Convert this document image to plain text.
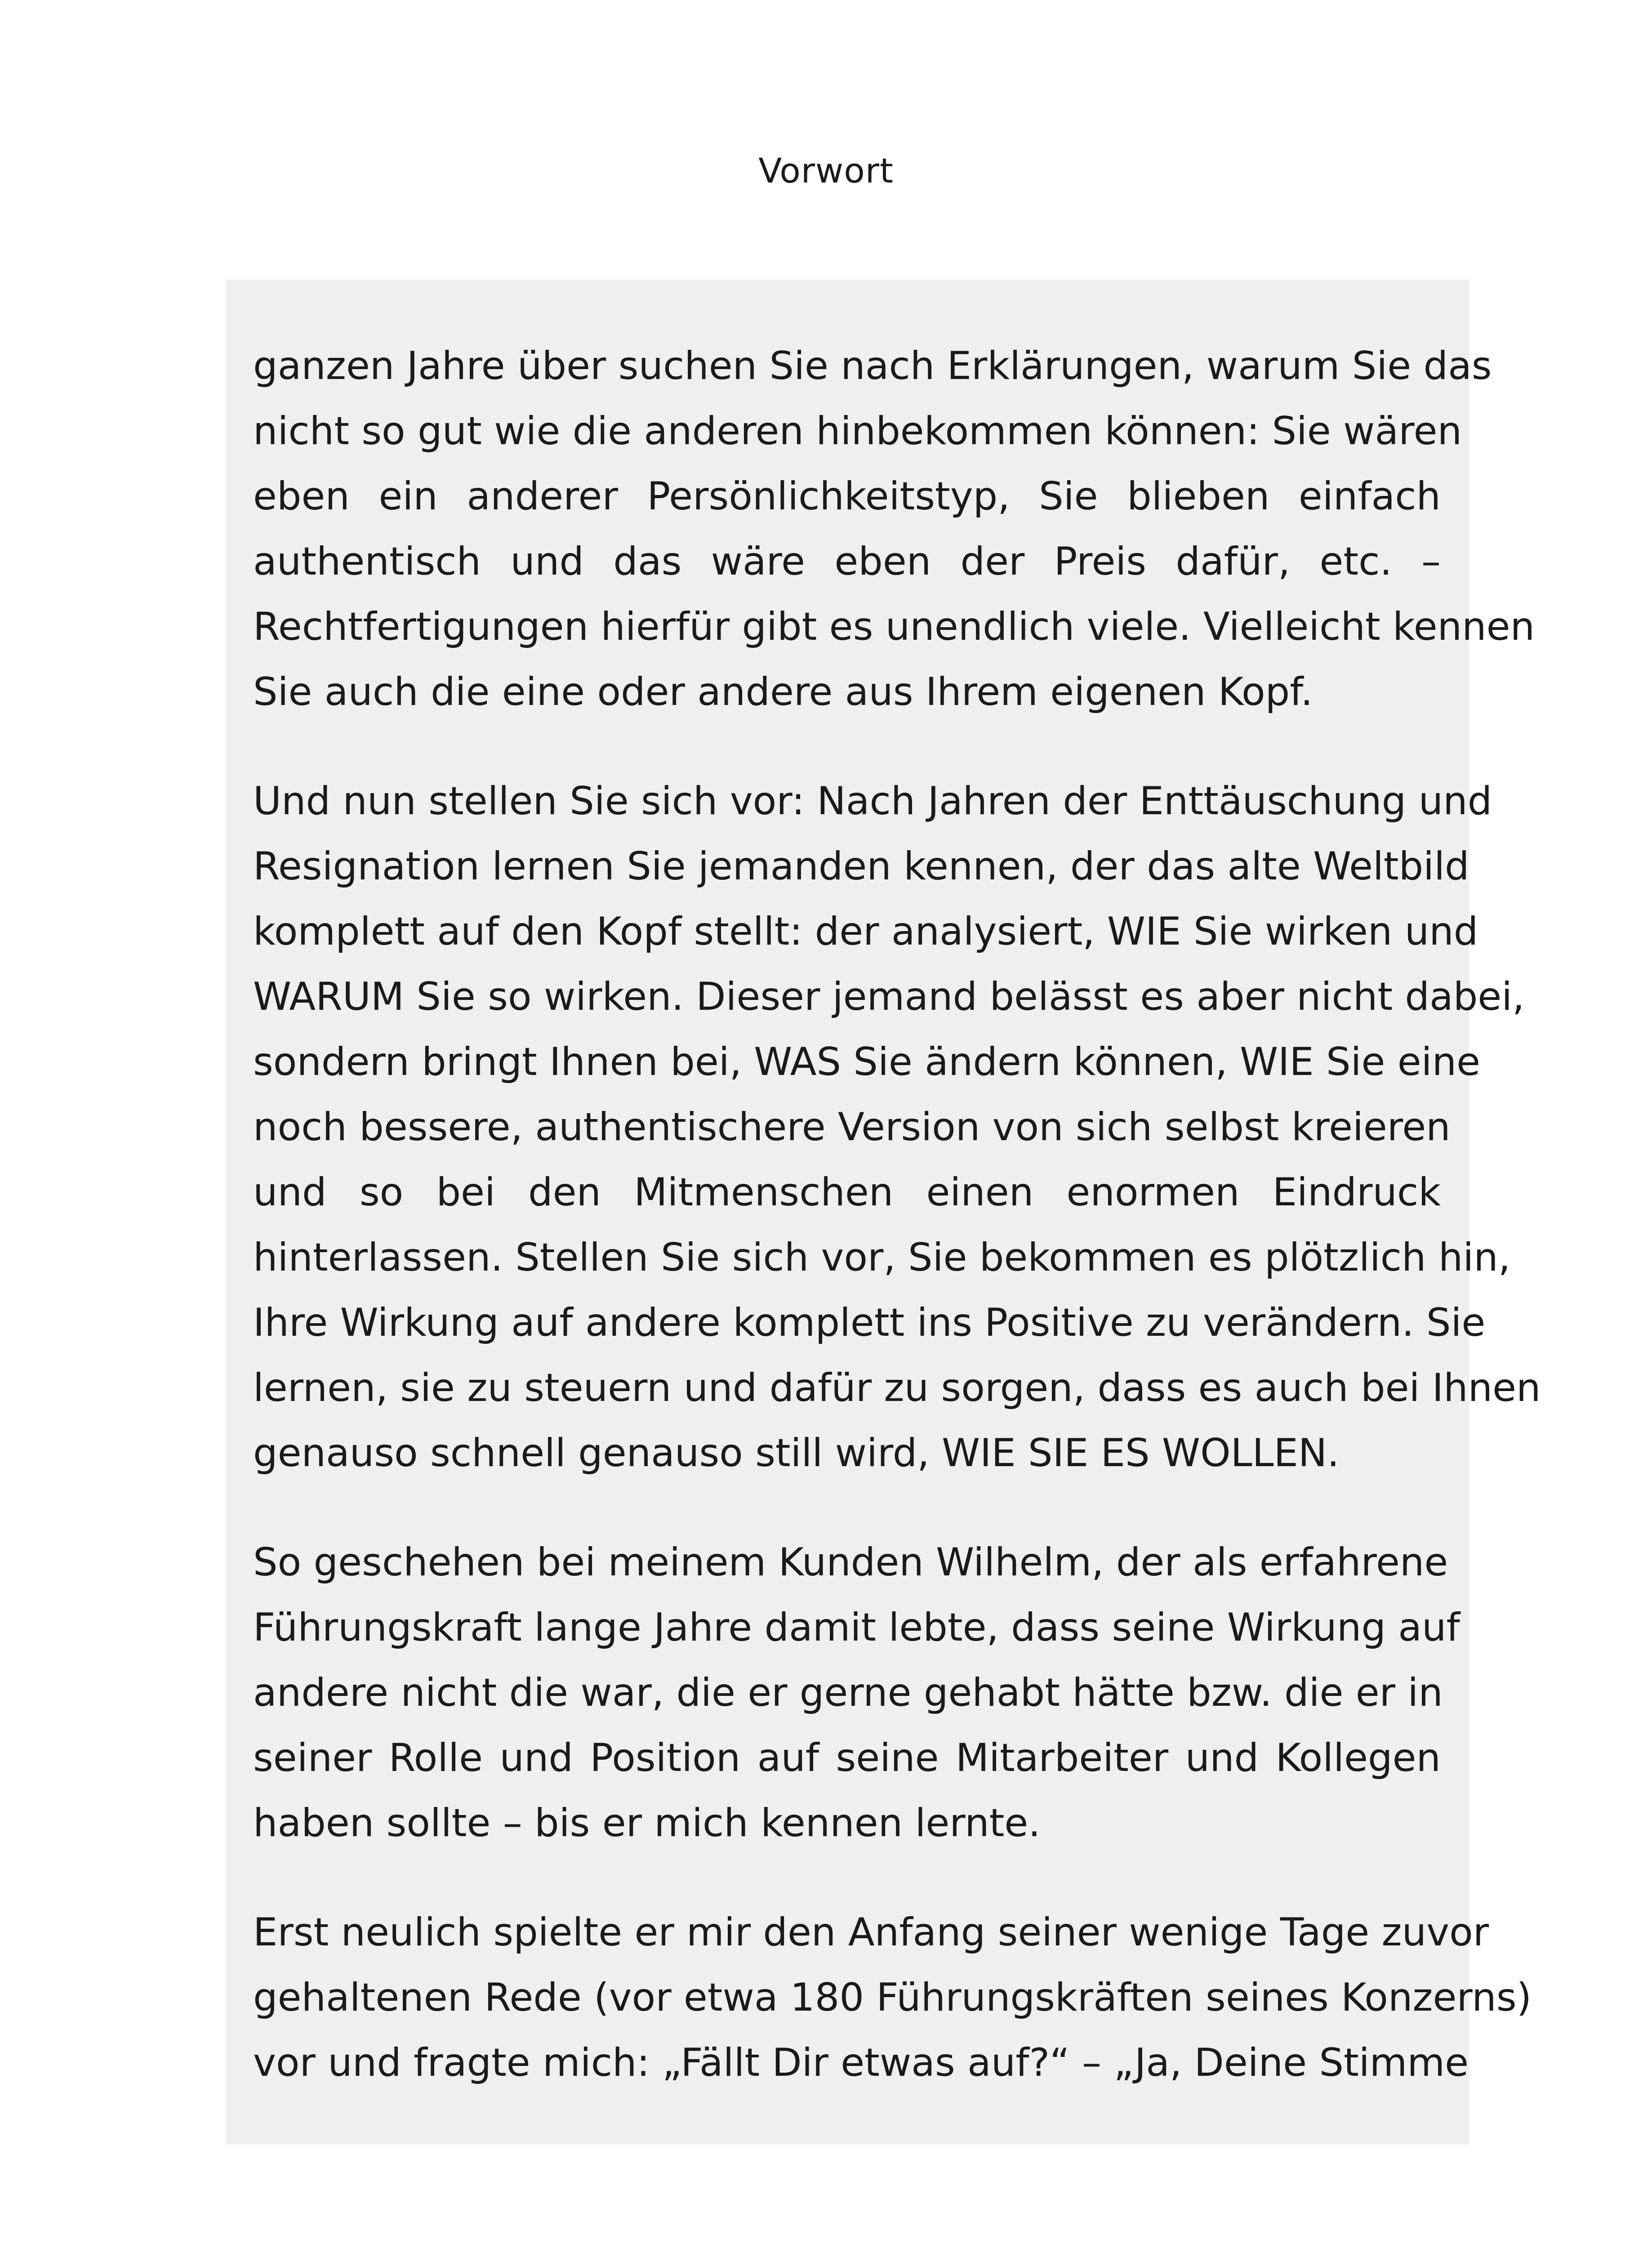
Vorwort

ganzen Jahre über suchen Sie nach Erklärungen, warum Sie das
nicht so gut wie die anderen hinbekommen können: Sie wären
eben ein anderer Persönlichkeitstyp, Sie blieben einfach
authentisch und das wäre eben der Preis dafür, etc. –
Rechtfertigungen hierfür gibt es unendlich viele. Vielleicht kennen
Sie auch die eine oder andere aus Ihrem eigenen Kopf.

Und nun stellen Sie sich vor: Nach Jahren der Enttäuschung und
Resignation lernen Sie jemanden kennen, der das alte Weltbild
komplett auf den Kopf stellt: der analysiert, WIE Sie wirken und
WARUM Sie so wirken. Dieser jemand belässt es aber nicht dabei,
sondern bringt Ihnen bei, WAS Sie ändern können, WIE Sie eine
noch bessere, authentischere Version von sich selbst kreieren
und so bei den Mitmenschen einen enormen Eindruck
hinterlassen. Stellen Sie sich vor, Sie bekommen es plötzlich hin,
Ihre Wirkung auf andere komplett ins Positive zu verändern. Sie
lernen, sie zu steuern und dafür zu sorgen, dass es auch bei Ihnen
genauso schnell genauso still wird, WIE SIE ES WOLLEN.

So geschehen bei meinem Kunden Wilhelm, der als erfahrene
Führungskraft lange Jahre damit lebte, dass seine Wirkung auf
andere nicht die war, die er gerne gehabt hätte bzw. die er in
seiner Rolle und Position auf seine Mitarbeiter und Kollegen
haben sollte – bis er mich kennen lernte.

Erst neulich spielte er mir den Anfang seiner wenige Tage zuvor
gehaltenen Rede (vor etwa 180 Führungskräften seines Konzerns)
vor und fragte mich: „Fällt Dir etwas auf?“ – „Ja, Deine Stimme
